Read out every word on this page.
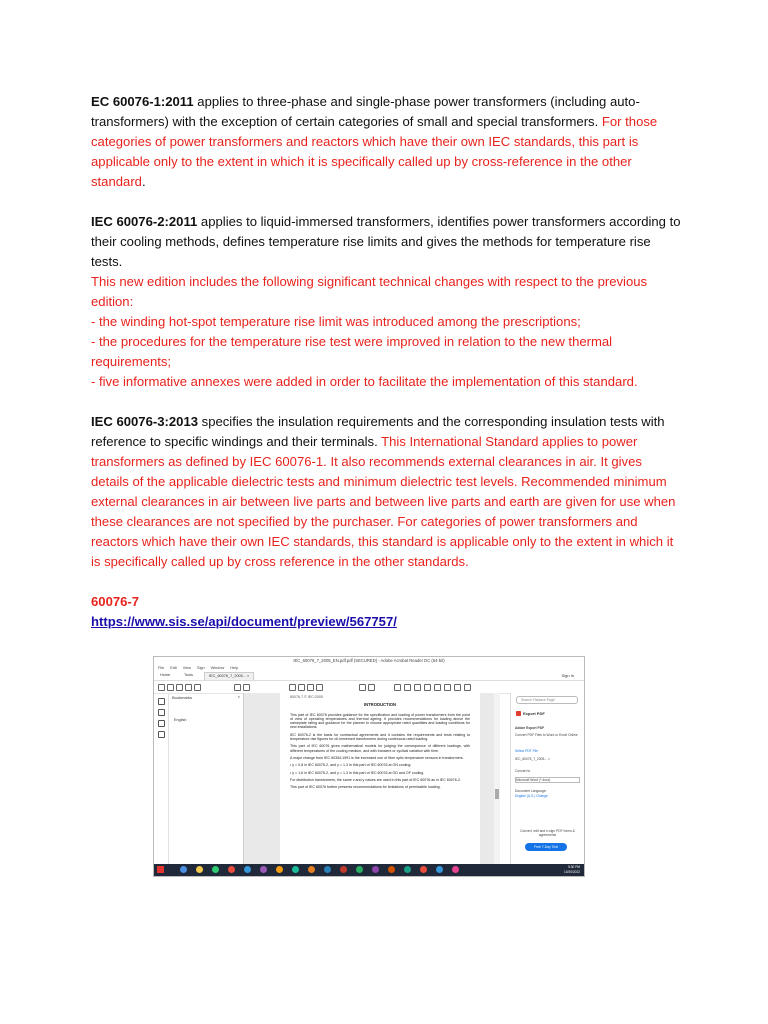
EC 60076-1:2011 applies to three-phase and single-phase power transformers (including auto-transformers) with the exception of certain categories of small and special transformers. For those categories of power transformers and reactors which have their own IEC standards, this part is applicable only to the extent in which it is specifically called up by cross-reference in the other standard.

IEC 60076-2:2011 applies to liquid-immersed transformers, identifies power transformers according to their cooling methods, defines temperature rise limits and gives the methods for temperature rise tests.

This new edition includes the following significant technical changes with respect to the previous edition:

- the winding hot-spot temperature rise limit was introduced among the prescriptions;

- the procedures for the temperature rise test were improved in relation to the new thermal requirements;

- five informative annexes were added in order to facilitate the implementation of this standard.

IEC 60076-3:2013 specifies the insulation requirements and the corresponding insulation tests with reference to specific windings and their terminals. This International Standard applies to power transformers as defined by IEC 60076-1. It also recommends external clearances in air. It gives details of the applicable dielectric tests and minimum dielectric test levels. Recommended minimum external clearances in air between live parts and between live parts and earth are given for use when these clearances are not specified by the purchaser. For categories of power transformers and reactors which have their own IEC standards, this standard is applicable only to the extent in which it is specifically called up by cross reference in the other standards.

60076-7

https://www.sis.se/api/document/preview/567757/

IEC_60076_7_2005_EN.pdf.pdf (SECURED) - Adobe Acrobat Reader DC (64-bit)
File Edit View Sign Window Help
Home	Tools	IEC_60076_7_2005... ×	Sign In
Bookmarks	×
English
60076-7 © IEC:2005
INTRODUCTION

This part of IEC 60076 provides guidance for the specification and loading of power transformers from the point of view of operating temperatures and thermal ageing. It provides recommendations for loading above the nameplate rating and guidance for the planner to choose appropriate rated quantities and loading conditions for new installations.

IEC 60076-2 is the basis for contractual agreements and it contains the requirements and tests relating to temperature-rise figures for oil-immersed transformers during continuous rated loading.

This part of IEC 60076 gives mathematical models for judging the consequence of different loadings, with different temperatures of the cooling medium, and with transient or cyclical variation with time.

A major change from IEC 60354:1991 is the increased use of fibre optic temperature sensors in transformers.

• y = 0,8 in IEC 60076-2, and y = 1,3 in this part of IEC 60076 at ON cooling.

• y = 1,6 in IEC 60076-2, and y = 1,3 in this part of IEC 60076 at OD and OF cooling.

For distribution transformers, the same x and y values are used in this part of IEC 60076 as in IEC 60076-2.

This part of IEC 60076 further presents recommendations for limitations of permissible loading.

Search 'Replace Page'
Export PDF
Adobe Export PDF
Convert PDF Files to Word or Excel Online
Select PDF File
IEC_60076_7_2005... ×
Convert to
Microsoft Word (*.docx)
Document Language:
English (U.S.) Change
Convert, edit and e-sign PDF forms & agreements
Free 7-Day Trial
5:30 PM
10/20/2022
